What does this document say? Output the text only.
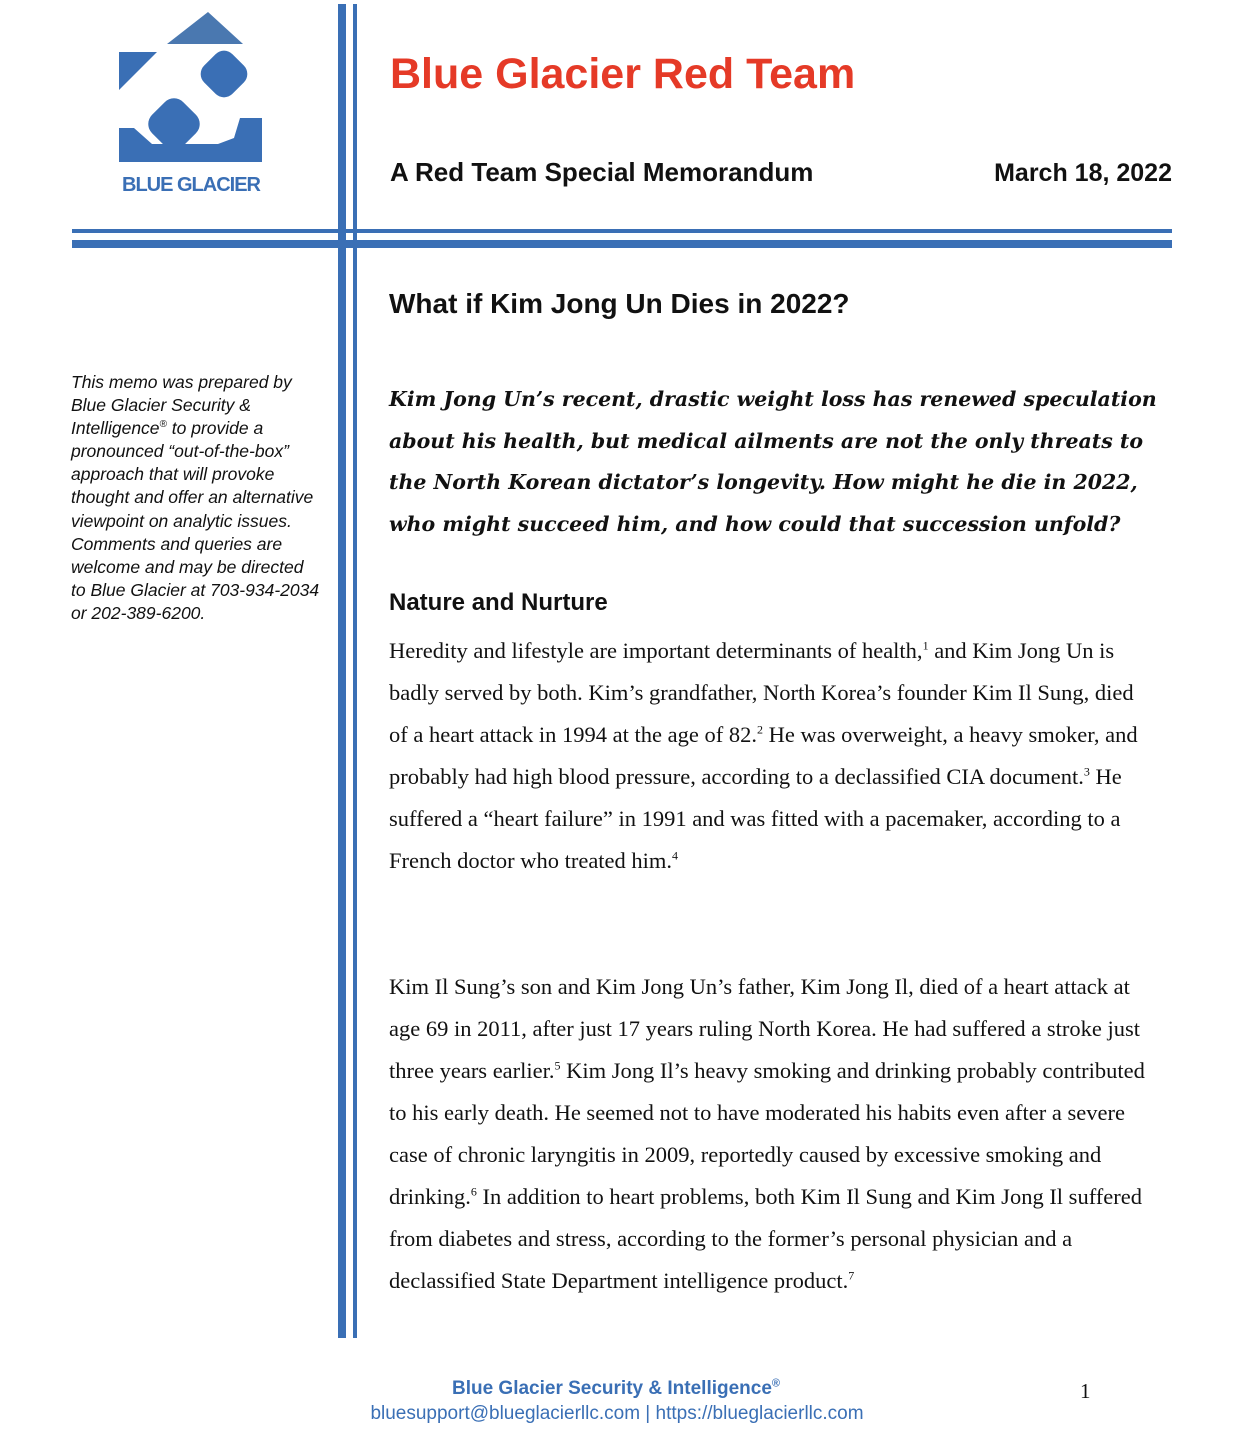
BLUE GLACIER
Blue Glacier Red Team
A Red Team Special Memorandum	March 18, 2022
This memo was prepared by Blue Glacier Security & Intelligence® to provide a pronounced “out-of-the-box” approach that will provoke thought and offer an alternative viewpoint on analytic issues. Comments and queries are welcome and may be directed to Blue Glacier at 703-934-2034 or 202-389-6200.
What if Kim Jong Un Dies in 2022?

Kim Jong Un’s recent, drastic weight loss has renewed speculation about his health, but medical ailments are not the only threats to the North Korean dictator’s longevity. How might he die in 2022, who might succeed him, and how could that succession unfold?

Nature and Nurture

Heredity and lifestyle are important determinants of health,$^1$ and Kim Jong Un is badly served by both. Kim’s grandfather, North Korea’s founder Kim Il Sung, died of a heart attack in 1994 at the age of 82.$^2$ He was overweight, a heavy smoker, and probably had high blood pressure, according to a declassified CIA document.$^3$ He suffered a “heart failure” in 1991 and was fitted with a pacemaker, according to a French doctor who treated him.$^4$

Kim Il Sung’s son and Kim Jong Un’s father, Kim Jong Il, died of a heart attack at age 69 in 2011, after just 17 years ruling North Korea. He had suffered a stroke just three years earlier.$^5$ Kim Jong Il’s heavy smoking and drinking probably contributed to his early death. He seemed not to have moderated his habits even after a severe case of chronic laryngitis in 2009, reportedly caused by excessive smoking and drinking.$^6$ In addition to heart problems, both Kim Il Sung and Kim Jong Il suffered from diabetes and stress, according to the former’s personal physician and a declassified State Department intelligence product.$^7$

Blue Glacier Security & Intelligence®
bluesupport@blueglacierllc.com | https://blueglacierllc.com
1
